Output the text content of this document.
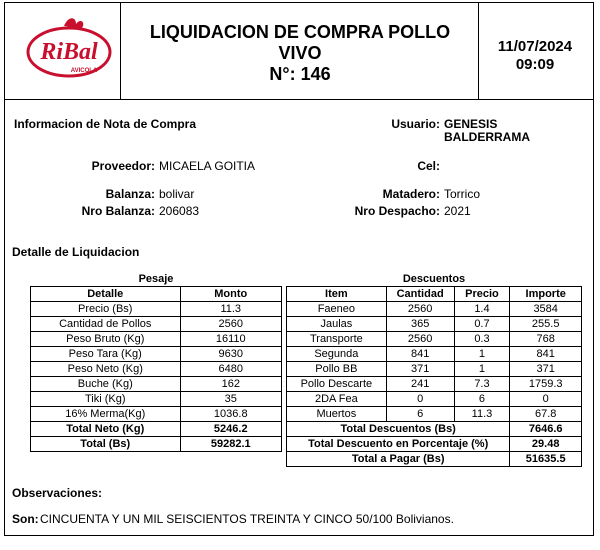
RiBal
AVICOLA
LIQUIDACION DE COMPRA POLLO
VIVO
N°: 146
11/07/2024
09:09
Informacion de Nota de Compra	Usuario: GENESIS
BALDERRAMA
Proveedor: MICAELA GOITIA	Cel:
Balanza: bolivar	Matadero: Torrico
Nro Balanza: 206083	Nro Despacho: 2021
Detalle de Liquidacion
Pesaje
Detalle	Monto
Precio (Bs)	11.3
Cantidad de Pollos	2560
Peso Bruto (Kg)	16110
Peso Tara (Kg)	9630
Peso Neto (Kg)	6480
Buche (Kg)	162
Tiki (Kg)	35
16% Merma(Kg)	1036.8
Total Neto (Kg)	5246.2
Total (Bs)	59282.1
Descuentos
Item	Cantidad	Precio	Importe
Faeneo	2560	1.4	3584
Jaulas	365	0.7	255.5
Transporte	2560	0.3	768
Segunda	841	1	841
Pollo BB	371	1	371
Pollo Descarte	241	7.3	1759.3
2DA Fea	0	6	0
Muertos	6	11.3	67.8
Total Descuentos (Bs)			7646.6
Total Descuento en Porcentaje (%)			29.48
Total a Pagar (Bs)			51635.5
Observaciones:
Son: CINCUENTA Y UN MIL SEISCIENTOS TREINTA Y CINCO 50/100 Bolivianos.
